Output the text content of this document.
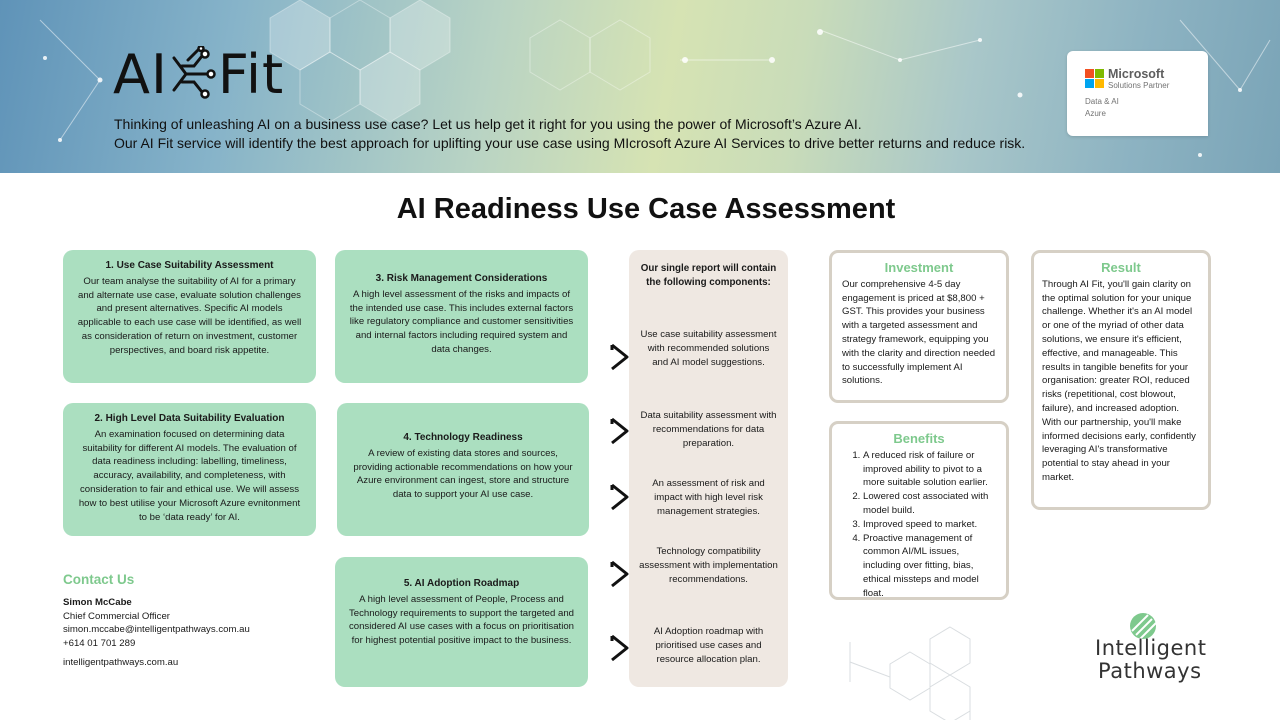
AI Fit
Thinking of unleashing AI on a business use case? Let us help get it right for you using the power of Microsoft’s Azure AI.
Our AI Fit service will identify the best approach for uplifting your use case using MIcrosoft Azure AI Services to drive better returns and reduce risk.
Microsoft
Solutions Partner
Data & AI
Azure
AI Readiness Use Case Assessment
1. Use Case Suitability Assessment

Our team analyse the suitability of AI for a primary and alternate use case, evaluate solution challenges and present alternatives. Specific AI models applicable to each use case will be identified, as well as consideration of return on investment, customer perspectives, and board risk appetite.

2. High Level Data Suitability Evaluation

An examination focused on determining data suitability for different AI models. The evaluation of data readiness including: labelling, timeliness, accuracy, availability, and completeness, with consideration to fair and ethical use. We will assess how to best utilise your Microsoft Azure evnitonment to be ‘data ready’ for AI.

3. Risk Management Considerations

A high level assessment of the risks and impacts of the intended use case. This includes external factors like regulatory compliance and customer sensitivities and internal factors including required system and data changes.

4. Technology Readiness

A review of existing data stores and sources, providing actionable recommendations on how your Azure environment can ingest, store and structure data to support your AI use case.

5. AI Adoption Roadmap

A high level assessment of People, Process and Technology requirements to support the targeted and considered AI use cases with a focus on prioritisation for highest potential positive impact to the business.

Our single report will contain the following components:
Use case suitability assessment with recommended solutions and AI model suggestions.
Data suitability assessment with recommendations for data preparation.
An assessment of risk and impact with high level risk management strategies.
Technology compatibility assessment with implementation recommendations.
AI Adoption roadmap with prioritised use cases and resource allocation plan.
Investment

Our comprehensive 4-5 day engagement is priced at $8,800 + GST. This provides your business with a targeted assessment and strategy framework, equipping you with the clarity and direction needed to successfully implement AI solutions.

Result

Through AI Fit, you'll gain clarity on the optimal solution for your unique challenge. Whether it's an AI model or one of the myriad of other data solutions, we ensure it's efficient, effective, and manageable. This results in tangible benefits for your organisation: greater ROI, reduced risks (repetitional, cost blowout, failure), and increased adoption. With our partnership, you'll make informed decisions early, confidently leveraging AI's transformative potential to stay ahead in your market.

Benefits
1. A reduced risk of failure or improved ability to pivot to a more suitable solution earlier.
2. Lowered cost associated with model build.
3. Improved speed to market.
4. Proactive management of common AI/ML issues, including over fitting, bias, ethical missteps and model float.
Contact Us
Simon McCabe
Chief Commercial Officer
simon.mccabe@intelligentpathways.com.au
+614 01 701 289
intelligentpathways.com.au
Intelligent
Pathways
